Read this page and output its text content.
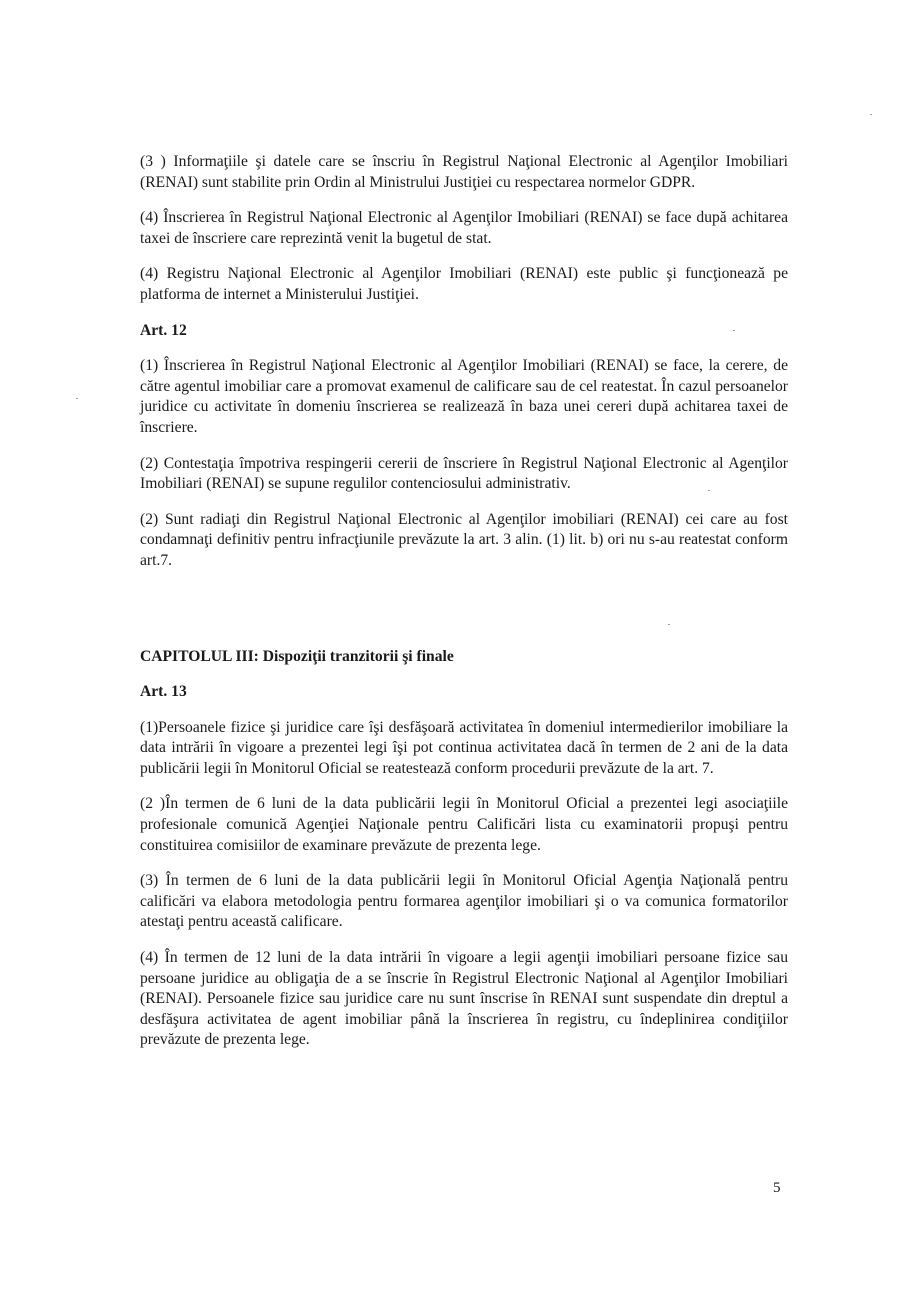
(3 ) Informaţiile şi datele care se înscriu în Registrul Naţional Electronic al Agenţilor Imobiliari (RENAI) sunt stabilite prin Ordin al Ministrului Justiţiei cu respectarea normelor GDPR.

(4) Înscrierea în Registrul Naţional Electronic al Agenţilor Imobiliari (RENAI) se face după achitarea taxei de înscriere care reprezintă venit la bugetul de stat.

(4) Registru Naţional Electronic al Agenţilor Imobiliari (RENAI) este public şi funcţionează pe platforma de internet a Ministerului Justiţiei.

Art. 12

(1) Înscrierea în Registrul Naţional Electronic al Agenţilor Imobiliari (RENAI) se face, la cerere, de către agentul imobiliar care a promovat examenul de calificare sau de cel reatestat. În cazul persoanelor juridice cu activitate în domeniu înscrierea se realizează în baza unei cereri după achitarea taxei de înscriere.

(2) Contestaţia împotriva respingerii cererii de înscriere în Registrul Naţional Electronic al Agenţilor Imobiliari (RENAI) se supune regulilor contenciosului administrativ.

(2) Sunt radiaţi din Registrul Naţional Electronic al Agenţilor imobiliari (RENAI) cei care au fost condamnaţi definitiv pentru infracţiunile prevăzute la art. 3 alin. (1) lit. b) ori nu s-au reatestat conform art.7.

CAPITOLUL III: Dispoziţii tranzitorii şi finale

Art. 13

(1)Persoanele fizice şi juridice care îşi desfăşoară activitatea în domeniul intermedierilor imobiliare la data intrării în vigoare a prezentei legi îşi pot continua activitatea dacă în termen de 2 ani de la data publicării legii în Monitorul Oficial se reatestează conform procedurii prevăzute de la art. 7.

(2 )În termen de 6 luni de la data publicării legii în Monitorul Oficial a prezentei legi asociaţiile profesionale comunică Agenţiei Naţionale pentru Calificări lista cu examinatorii propuşi pentru constituirea comisiilor de examinare prevăzute de prezenta lege.

(3) În termen de 6 luni de la data publicării legii în Monitorul Oficial Agenţia Naţională pentru calificări va elabora metodologia pentru formarea agenţilor imobiliari şi o va comunica formatorilor atestaţi pentru această calificare.

(4) În termen de 12 luni de la data intrării în vigoare a legii agenţii imobiliari persoane fizice sau persoane juridice au obligaţia de a se înscrie în Registrul Electronic Naţional al Agenţilor Imobiliari (RENAI). Persoanele fizice sau juridice care nu sunt înscrise în RENAI sunt suspendate din dreptul a desfăşura activitatea de agent imobiliar până la înscrierea în registru, cu îndeplinirea condiţiilor prevăzute de prezenta lege.

5
